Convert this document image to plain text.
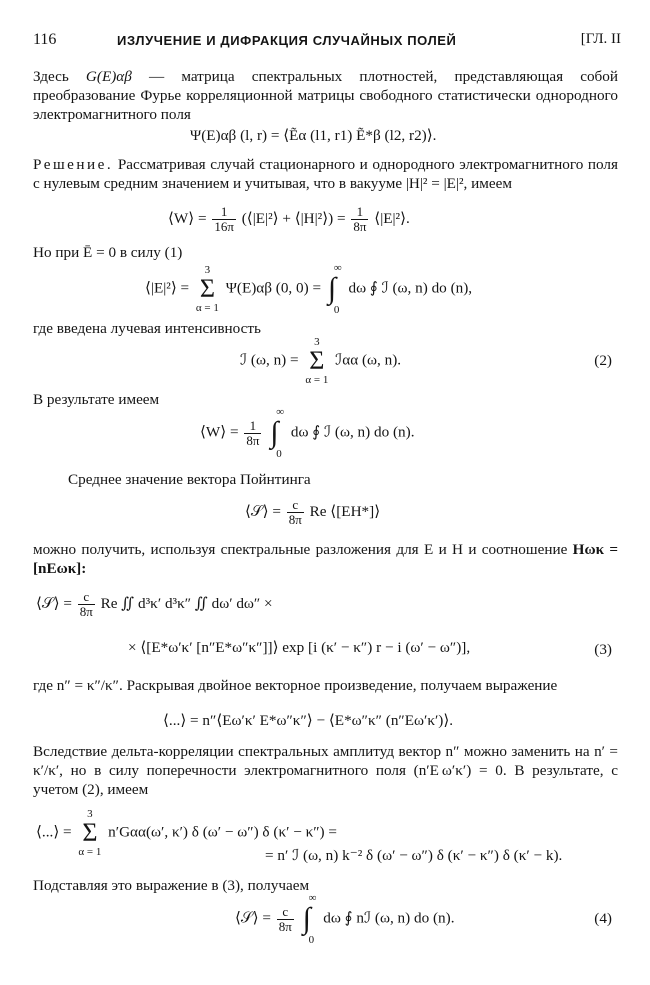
116	ИЗЛУЧЕНИЕ И ДИФРАКЦИЯ СЛУЧАЙНЫХ ПОЛЕЙ	[ГЛ. II
Здесь G(E)αβ — матрица спектральных плотностей, представляющая собой преобразование Фурье корреляционной матрицы свободного статистически однородного электромагнитного поля
Ψ(E)αβ (l, r) = ⟨Ẽα (l1, r1) Ẽ*β (l2, r2)⟩.
Решение. Рассматривая случай стационарного и однородного электромагнитного поля с нулевым средним значением и учитывая, что в вакууме |H|² = |E|², имеем
⟨W⟩ = $\frac{1}{16\pi}$ (⟨|E|²⟩ + ⟨|H|²⟩) = $\frac{1}{8\pi}$ ⟨|E|²⟩.
Но при Ē = 0 в силу (1)
⟨|E|²⟩ =
3
Σ
α = 1
Ψ(E)αβ (0, 0) =
∞
∫
0
dω ∮ ℐ (ω, n) do (n),
где введена лучевая интенсивность
ℐ (ω, n) =
3
Σ
α = 1
ℐαα (ω, n).	(2)
В результате имеем
⟨W⟩ = $\frac{1}{8\pi}$

∞
∫
0
dω ∮ ℐ (ω, n) do (n).
Среднее значение вектора Пойнтинга
⟨𝒮⟩ = $\frac{c}{8\pi}$ Re ⟨[EH*]⟩
можно получить, используя спектральные разложения для E и H и соотношение Hωκ = [nEωκ]:
⟨𝒮⟩ = $\frac{c}{8\pi}$ Re ∬ d³κ′ d³κ″ ∬ dω′ dω″ ×
× ⟨[E*ω′κ′ [n″E*ω″κ″]]⟩ exp [i (κ′ − κ″) r − i (ω′ − ω″)],	(3)
где n″ = κ″/κ″. Раскрывая двойное векторное произведение, получаем выражение
⟨...⟩ = n″⟨Eω′κ′ E*ω″κ″⟩ − ⟨E*ω″κ″ (n″Eω′κ′)⟩.
Вследствие дельта-корреляции спектральных амплитуд вектор n″ можно заменить на n′ = κ′/κ′, но в силу поперечности электромагнитного поля (n′E ω′κ′) = 0. В результате, с учетом (2), имеем
⟨...⟩ =
3
Σ
α = 1
n′Gαα(ω′, κ′) δ (ω′ − ω″) δ (κ′ − κ″) =
= n′ ℐ (ω, n) k⁻² δ (ω′ − ω″) δ (κ′ − κ″) δ (κ′ − k).
Подставляя это выражение в (3), получаем
⟨𝒮⟩ = $\frac{c}{8\pi}$

∞
∫
0
dω ∮ nℐ (ω, n) do (n).	(4)
